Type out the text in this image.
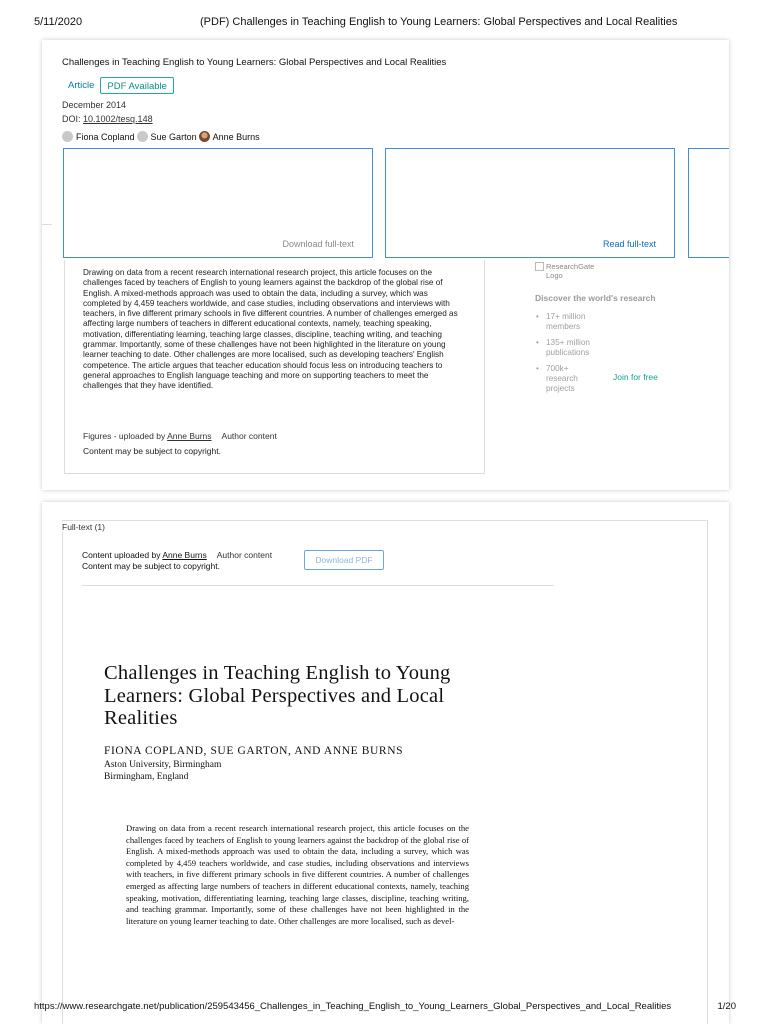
5/11/2020	(PDF) Challenges in Teaching English to Young Learners: Global Perspectives and Local Realities
Challenges in Teaching English to Young Learners: Global Perspectives and Local Realities
Article	PDF Available
December 2014
DOI: 10.1002/tesq.148
Fiona Copland Sue Garton Anne Burns
Download full-text	Read full-text

Drawing on data from a recent research international research project, this article focuses on the challenges faced by teachers of English to young learners against the backdrop of the global rise of English. A mixed-methods approach was used to obtain the data, including a survey, which was completed by 4,459 teachers worldwide, and case studies, including observations and interviews with teachers, in five different primary schools in five different countries. A number of challenges emerged as affecting large numbers of teachers in different educational contexts, namely, teaching speaking, motivation, differentiating learning, teaching large classes, discipline, teaching writing, and teaching grammar. Importantly, some of these challenges have not been highlighted in the literature on young learner teaching to date. Other challenges are more localised, such as developing teachers' English competence. The article argues that teacher education should focus less on introducing teachers to general approaches to English language teaching and more on supporting teachers to meet the challenges that they have identified.

Figures - uploaded by Anne Burns Author content
Content may be subject to copyright.
ResearchGate Logo
Discover the world's research
• 17+ million members
• 135+ million publications
• 700k+ research projects
Join for free
Full-text (1)
Content uploaded by Anne Burns Author content
Content may be subject to copyright.
Download PDF
Challenges in Teaching English to Young Learners: Global Perspectives and Local Realities
FIONA COPLAND, SUE GARTON, AND ANNE BURNS
Aston University, Birmingham
Birmingham, England

Drawing on data from a recent research international research project, this article focuses on the challenges faced by teachers of English to young learners against the backdrop of the global rise of English. A mixed-methods approach was used to obtain the data, including a survey, which was completed by 4,459 teachers worldwide, and case studies, including observations and interviews with teachers, in five different primary schools in five different countries. A number of challenges emerged as affecting large numbers of teachers in different educational contexts, namely, teaching speaking, motivation, differentiating learning, teaching large classes, discipline, teaching writing, and teaching grammar. Importantly, some of these challenges have not been highlighted in the literature on young learner teaching to date. Other challenges are more localised, such as devel-

https://www.researchgate.net/publication/259543456_Challenges_in_Teaching_English_to_Young_Learners_Global_Perspectives_and_Local_Realities	1/20
